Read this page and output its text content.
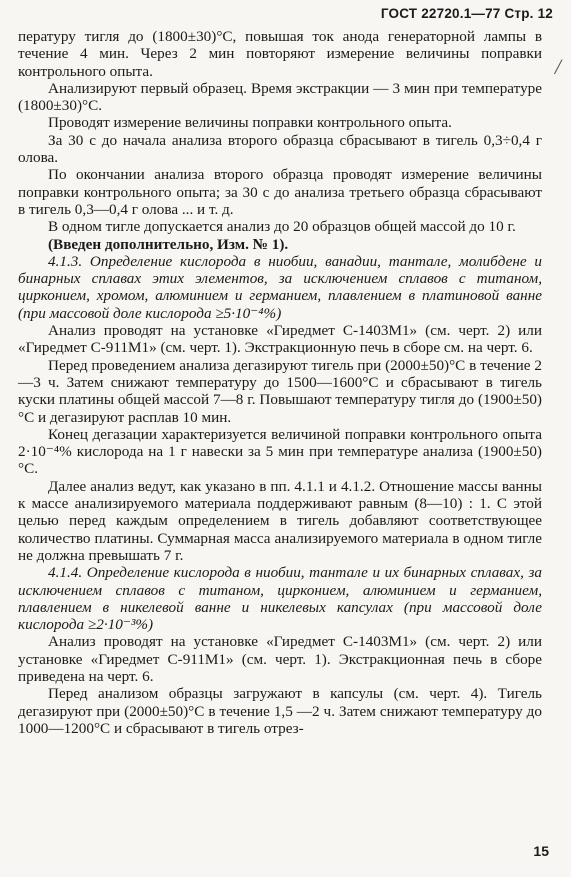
ГОСТ 22720.1—77 Стр. 12
/

пературу тигля до (1800±30)°С, повышая ток анода генераторной лампы в течение 4 мин. Через 2 мин повторяют измерение величины поправки контрольного опыта.

Анализируют первый образец. Время экстракции — 3 мин при температуре (1800±30)°С.

Проводят измерение величины поправки контрольного опыта.

За 30 с до начала анализа второго образца сбрасывают в тигель 0,3÷0,4 г олова.

По окончании анализа второго образца проводят измерение величины поправки контрольного опыта; за 30 с до анализа третьего образца сбрасывают в тигель 0,3—0,4 г олова ... и т. д.

В одном тигле допускается анализ до 20 образцов общей массой до 10 г.

(Введен дополнительно, Изм. № 1).

4.1.3. Определение кислорода в ниобии, ванадии, тантале, молибдене и бинарных сплавах этих элементов, за исключением сплавов с титаном, цирконием, хромом, алюминием и германием, плавлением в платиновой ванне (при массовой доле кислорода ≥5·10⁻⁴%)

Анализ проводят на установке «Гиредмет С-1403М1» (см. черт. 2) или «Гиредмет С-911М1» (см. черт. 1). Экстракционную печь в сборе см. на черт. 6.

Перед проведением анализа дегазируют тигель при (2000±50)°С в течение 2—3 ч. Затем снижают температуру до 1500—1600°С и сбрасывают в тигель куски платины общей массой 7—8 г. Повышают температуру тигля до (1900±50)°С и дегазируют расплав 10 мин.

Конец дегазации характеризуется величиной поправки контрольного опыта 2·10⁻⁴% кислорода на 1 г навески за 5 мин при температуре анализа (1900±50)°С.

Далее анализ ведут, как указано в пп. 4.1.1 и 4.1.2. Отношение массы ванны к массе анализируемого материала поддерживают равным (8—10) : 1. С этой целью перед каждым определением в тигель добавляют соответствующее количество платины. Суммарная масса анализируемого материала в одном тигле не должна превышать 7 г.

4.1.4. Определение кислорода в ниобии, тантале и их бинарных сплавах, за исключением сплавов с титаном, цирконием, алюминием и германием, плавлением в никелевой ванне и никелевых капсулах (при массовой доле кислорода ≥2·10⁻³%)

Анализ проводят на установке «Гиредмет С-1403М1» (см. черт. 2) или установке «Гиредмет С-911М1» (см. черт. 1). Экстракционная печь в сборе приведена на черт. 6.

Перед анализом образцы загружают в капсулы (см. черт. 4). Тигель дегазируют при (2000±50)°С в течение 1,5 —2 ч. Затем снижают температуру до 1000—1200°С и сбрасывают в тигель отрез-

15
